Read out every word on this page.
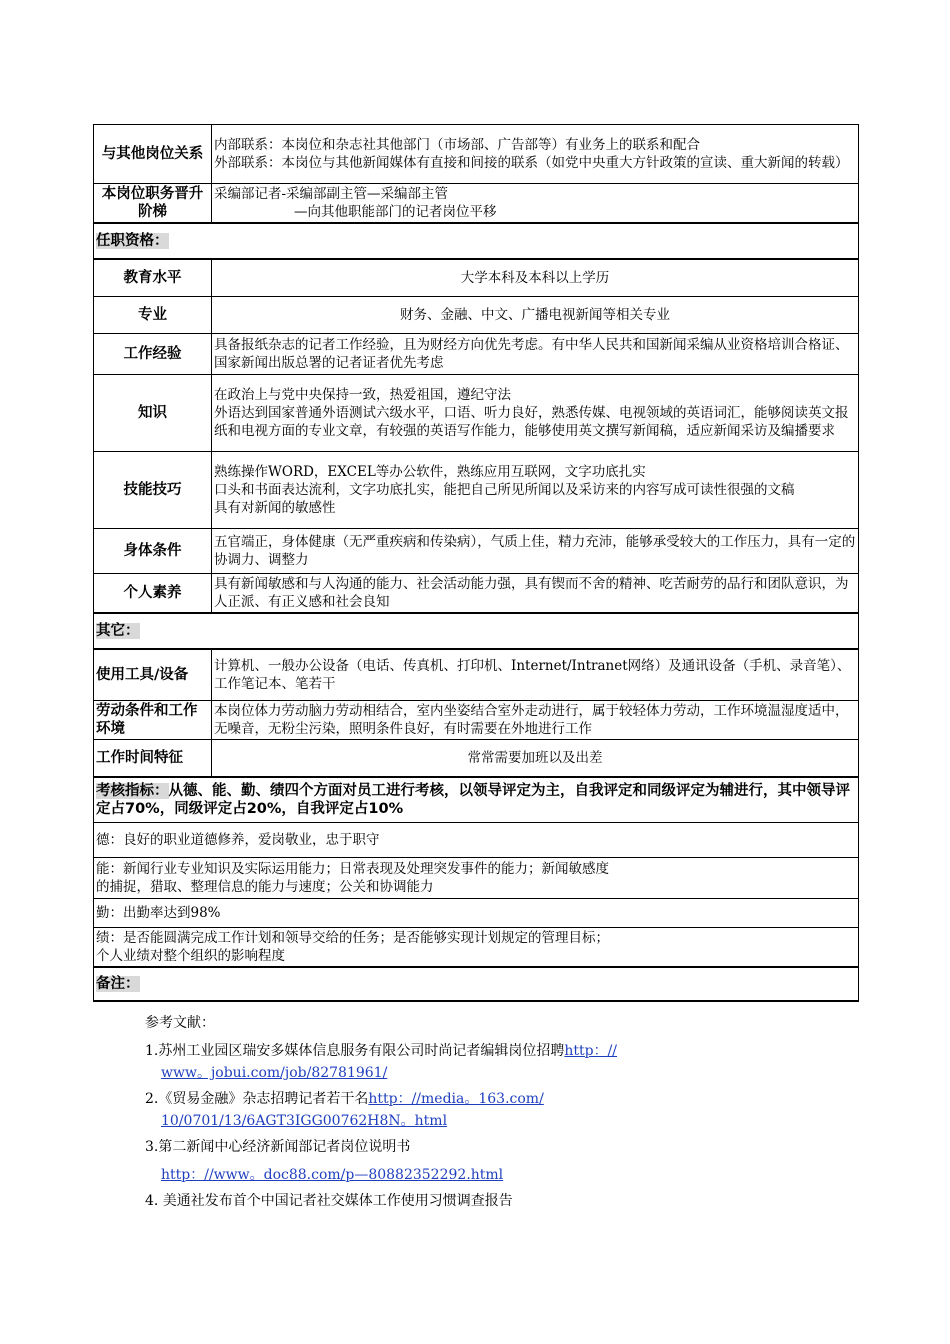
与其他岗位关系	内部联系：本岗位和杂志社其他部门（市场部、广告部等）有业务上的联系和配合
外部联系：本岗位与其他新闻媒体有直接和间接的联系（如党中央重大方针政策的宣读、重大新闻的转载）

本岗位职务晋升阶梯	采编部记者-采编部副主管—采编部主管
—向其他职能部门的记者岗位平移

任职资格：	
教育水平	大学本科及本科以上学历
专业	财务、金融、中文、广播电视新闻等相关专业
工作经验	具备报纸杂志的记者工作经验，且为财经方向优先考虑。有中华人民共和国新闻采编从业资格培训合格证、国家新闻出版总署的记者证者优先考虑
知识	在政治上与党中央保持一致，热爱祖国，遵纪守法
外语达到国家普通外语测试六级水平，口语、听力良好，熟悉传媒、电视领域的英语词汇，能够阅读英文报纸和电视方面的专业文章，有较强的英语写作能力，能够使用英文撰写新闻稿，适应新闻采访及编播要求

技能技巧	熟练操作WORD，EXCEL等办公软件，熟练应用互联网，文字功底扎实
口头和书面表达流利，文字功底扎实，能把自己所见所闻以及采访来的内容写成可读性很强的文稿
具有对新闻的敏感性

身体条件	五官端正，身体健康（无严重疾病和传染病），气质上佳，精力充沛，能够承受较大的工作压力，具有一定的协调力、调整力
个人素养	具有新闻敏感和与人沟通的能力、社会活动能力强，具有锲而不舍的精神、吃苦耐劳的品行和团队意识，为人正派、有正义感和社会良知
其它：	
使用工具/设备	计算机、一般办公设备（电话、传真机、打印机、Internet/Intranet网络）及通讯设备（手机、录音笔）、工作笔记本、笔若干
劳动条件和工作环境	本岗位体力劳动脑力劳动相结合，室内坐姿结合室外走动进行，属于较轻体力劳动，工作环境温湿度适中，无噪音，无粉尘污染，照明条件良好，有时需要在外地进行工作
工作时间特征	常常需要加班以及出差
考核指标：从德、能、勤、绩四个方面对员工进行考核，以领导评定为主，自我评定和同级评定为辅进行，其中领导评定占70%，同级评定占20%，自我评定占10%	
德：良好的职业道德修养，爱岗敬业，忠于职守	

能：新闻行业专业知识及实际运用能力；日常表现及处理突发事件的能力；新闻敏感度
的捕捉，猎取、整理信息的能力与速度；公关和协调能力	

勤：出勤率达到98%	

绩：是否能圆满完成工作计划和领导交给的任务；是否能够实现计划规定的管理目标；
个人业绩对整个组织的影响程度	

备注：	
参考文献：
1.苏州工业园区瑞安多媒体信息服务有限公司时尚记者编辑岗位招聘http：//
www。jobui.com/job/82781961/
2.《贸易金融》杂志招聘记者若干名http：//media。163.com/
10/0701/13/6AGT3IGG00762H8N。html
3.第二新闻中心经济新闻部记者岗位说明书
http：//www。doc88.com/p—80882352292.html
4. 美通社发布首个中国记者社交媒体工作使用习惯调查报告
